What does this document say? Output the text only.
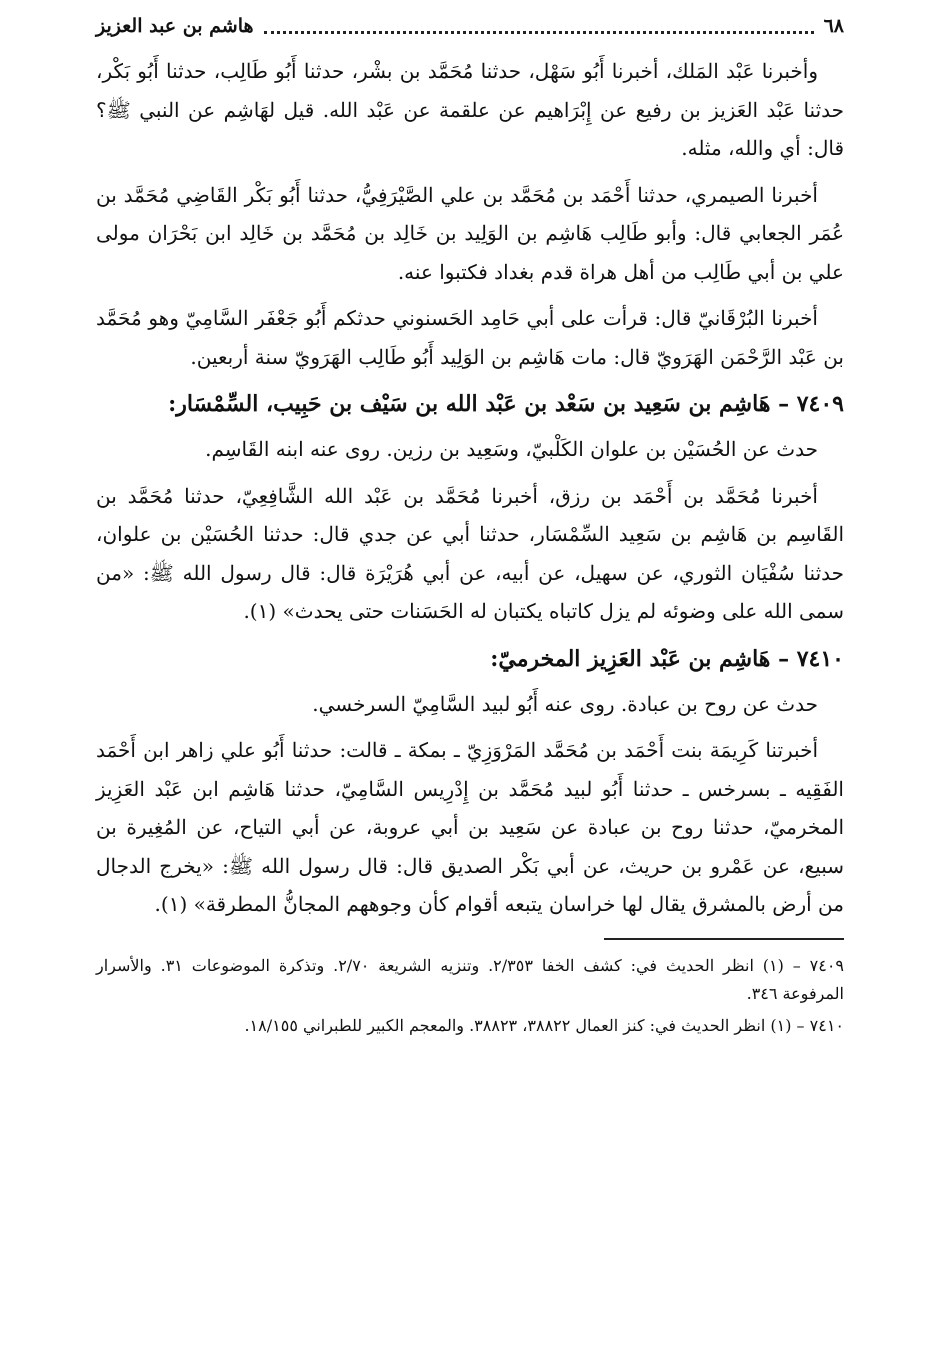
٦٨
هاشم بن عبد العزيز

وأخبرنا عَبْد المَلك، أخبرنا أَبُو سَهْل، حدثنا مُحَمَّد بن بشْر، حدثنا أَبُو طَالِب، حدثنا أَبُو بَكْر، حدثنا عَبْد العَزيز بن رفيع عن إِبْرَاهيم عن علقمة عن عَبْد الله. قيل لهَاشِم عن النبي ﷺ؟ قال: أي والله، مثله.

أخبرنا الصيمري، حدثنا أَحْمَد بن مُحَمَّد بن علي الصَّيْرَفِيُّ، حدثنا أَبُو بَكْر القَاضِي مُحَمَّد بن عُمَر الجعابي قال: وأبو طَالِب هَاشِم بن الوَلِيد بن خَالِد بن مُحَمَّد بن خَالِد ابن بَحْرَان مولى علي بن أبي طَالِب من أهل هراة قدم بغداد فكتبوا عنه.

أخبرنا البُرْقَانيّ قال: قرأت على أبي حَامِد الحَسنوني حدثكم أَبُو جَعْفَر السَّامِيّ وهو مُحَمَّد بن عَبْد الرَّحْمَن الهَرَويّ قال: مات هَاشِم بن الوَلِيد أَبُو طَالِب الهَرَويّ سنة أربعين.

٧٤٠٩ – هَاشِم بن سَعِيد بن سَعْد بن عَبْد الله بن سَيْف بن حَبِيب، السِّمْسَار:

حدث عن الحُسَيْن بن علوان الكَلْبيّ، وسَعِيد بن رزين. روى عنه ابنه القَاسِم.

أخبرنا مُحَمَّد بن أَحْمَد بن رزق، أخبرنا مُحَمَّد بن عَبْد الله الشَّافِعِيّ، حدثنا مُحَمَّد بن القَاسِم بن هَاشِم بن سَعِيد السِّمْسَار، حدثنا أبي عن جدي قال: حدثنا الحُسَيْن بن علوان، حدثنا سُفْيَان الثوري، عن سهيل، عن أبيه، عن أبي هُرَيْرَة قال: قال رسول الله ﷺ: «من سمى الله على وضوئه لم يزل كاتباه يكتبان له الحَسَنات حتى يحدث» (١).

٧٤١٠ – هَاشِم بن عَبْد العَزِيز المخرميّ:

حدث عن روح بن عبادة. روى عنه أَبُو لبيد السَّامِيّ السرخسي.

أخبرتنا كَرِيمَة بنت أَحْمَد بن مُحَمَّد المَرْوَزِيّ ـ بمكة ـ قالت: حدثنا أَبُو علي زاهر ابن أَحْمَد الفَقِيه ـ بسرخس ـ حدثنا أَبُو لبيد مُحَمَّد بن إِدْرِيس السَّامِيّ، حدثنا هَاشِم ابن عَبْد العَزِيز المخرميّ، حدثنا روح بن عبادة عن سَعِيد بن أبي عروبة، عن أبي التياح، عن المُغِيرة بن سبيع، عن عَمْرو بن حريث، عن أبي بَكْر الصديق قال: قال رسول الله ﷺ: «يخرج الدجال من أرض بالمشرق يقال لها خراسان يتبعه أقوام كأن وجوههم المجانُّ المطرقة» (١).

٧٤٠٩ – (١) انظر الحديث في: كشف الخفا ٢/٣٥٣. وتنزيه الشريعة ٢/٧٠. وتذكرة الموضوعات ٣١. والأسرار المرفوعة ٣٤٦.

٧٤١٠ – (١) انظر الحديث في: كنز العمال ٣٨٨٢٢، ٣٨٨٢٣. والمعجم الكبير للطبراني ١٨/١٥٥.
